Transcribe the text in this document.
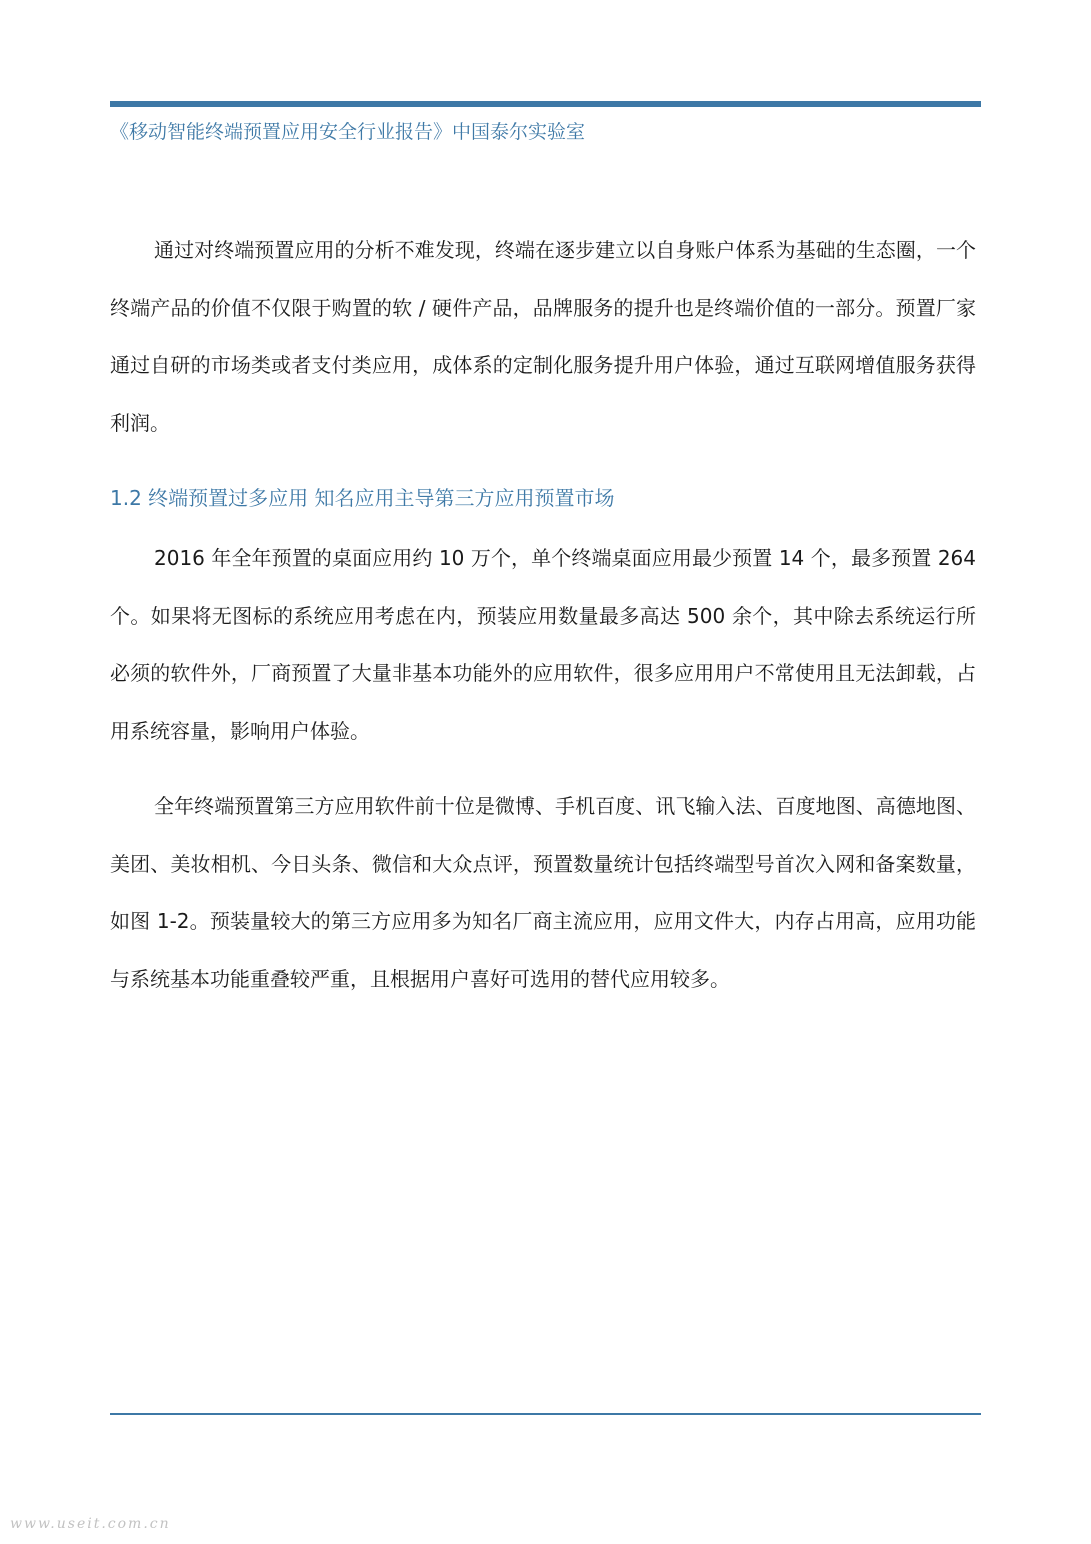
《移动智能终端预置应用安全行业报告》中国泰尔实验室

通过对终端预置应用的分析不难发现，终端在逐步建立以自身账户体系为基础的生态圈，一个终端产品的价值不仅限于购置的软 / 硬件产品，品牌服务的提升也是终端价值的一部分。预置厂家通过自研的市场类或者支付类应用，成体系的定制化服务提升用户体验，通过互联网增值服务获得利润。

1.2 终端预置过多应用 知名应用主导第三方应用预置市场

2016 年全年预置的桌面应用约 10 万个，单个终端桌面应用最少预置 14 个，最多预置 264 个。如果将无图标的系统应用考虑在内，预装应用数量最多高达 500 余个，其中除去系统运行所必须的软件外，厂商预置了大量非基本功能外的应用软件，很多应用用户不常使用且无法卸载，占用系统容量，影响用户体验。

全年终端预置第三方应用软件前十位是微博、手机百度、讯飞输入法、百度地图、高德地图、美团、美妆相机、今日头条、微信和大众点评，预置数量统计包括终端型号首次入网和备案数量，如图 1-2。预装量较大的第三方应用多为知名厂商主流应用，应用文件大，内存占用高，应用功能与系统基本功能重叠较严重，且根据用户喜好可选用的替代应用较多。

www.useit.com.cn
